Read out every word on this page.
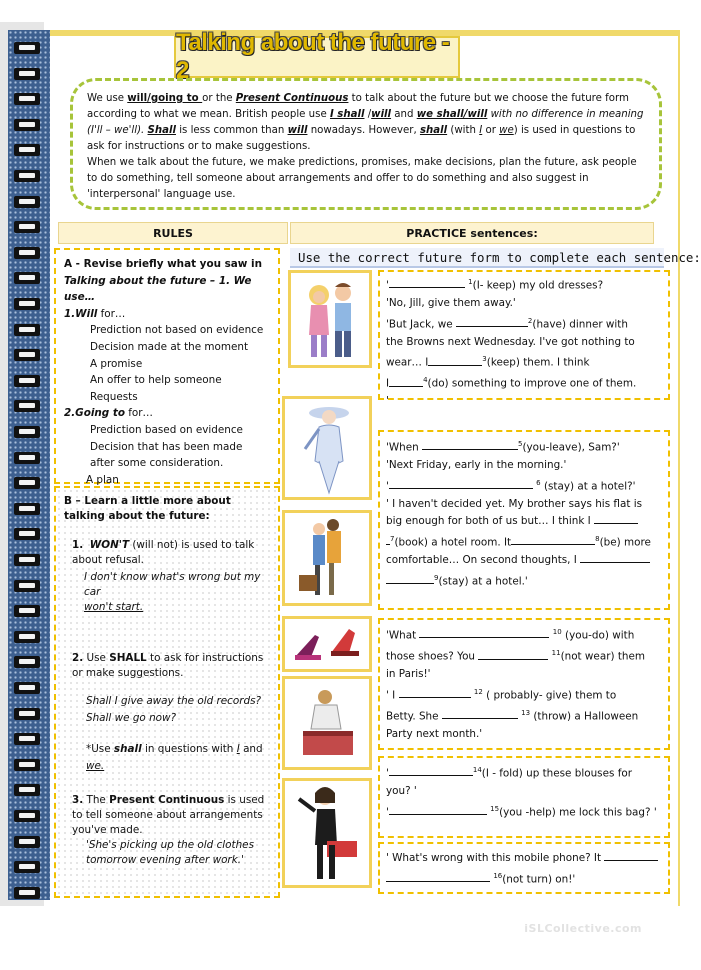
Talking about the future - 2

We use will/going to or the Present Continuous to talk about the future but we choose the future form according to what we mean. British people use I shall /will and we shall/will with no difference in meaning (I'll – we'll). Shall is less common than will nowadays. However, shall (with I or we) is used in questions to ask for instructions or to make suggestions.

When we talk about the future, we make predictions, promises, make decisions, plan the future, ask people to do something, tell someone about arrangements and offer to do something and also suggest in 'interpersonal' language use.

RULES	PRACTICE sentences:
A - Revise briefly what you saw in
Talking about the future – 1. We use…
1.Will for…
Prediction not based on evidence
Decision made at the moment
A promise
An offer to help someone
Requests
2.Going to for…
Prediction based on evidence
Decision that has been made after some consideration.
A plan
B – Learn a little more about talking about the future:
1. WON'T (will not) is used to talk about refusal.
I don't know what's wrong but my car
won't start.
2. Use SHALL to ask for instructions or make suggestions.
Shall I give away the old records?
Shall we go now?
*Use shall in questions with I and
we.
3. The Present Continuous is used to tell someone about arrangements you've made.
'She's picking up the old clothes tomorrow evening after work.'
Use the correct future form to complete each sentence:
'	$^1$(I- keep) my old dresses?
'No, Jill, give them away.'
'But Jack, we	$^2$(have) dinner with
the Browns next Wednesday. I've got nothing to
wear… I	$^3$(keep) them. I think
I	$^4$(do) something to improve one of them.
'
'When	$^5$(you-leave), Sam?'
'Next Friday, early in the morning.'
'	$^6$ (stay) at a hotel?'
' I haven't decided yet. My brother says his flat is
big enough for both of us but… I think I
$^7$(book) a hotel room. It	$^8$(be) more
comfortable… On second thoughts, I
$^9$(stay) at a hotel.'
'What	$^{10}$ (you-do) with
those shoes? You	$^{11}$(not wear) them
in Paris!'
' I	$^{12}$ ( probably- give) them to
Betty. She	$^{13}$ (throw) a Halloween
Party next month.'
'	$^{14}$(I - fold) up these blouses for
you? '
'	$^{15}$(you -help) me lock this bag? '
' What's wrong with this mobile phone? It
$^{16}$(not turn) on!'
iSLCollective.com
